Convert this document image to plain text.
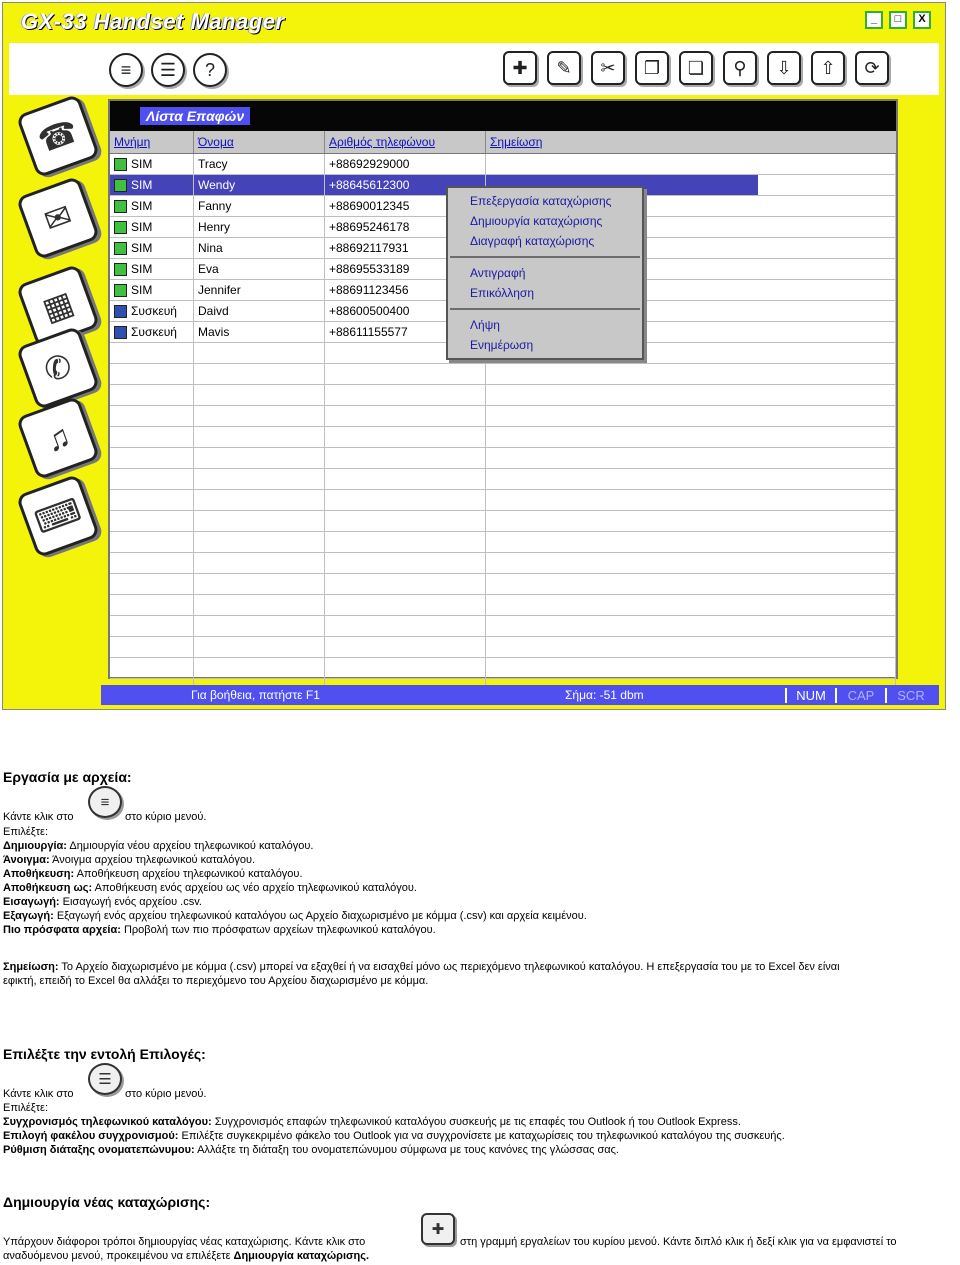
GX-33 Handset Manager	_	□	X
≡	☰	?	✚	✎	✂	❐	❏	⚲	⇩	⇧	⟳
☎
✉
▦
✆
♫
⌨
Λίστα Επαφών
Μνήμη	Όνομα	Αριθμός τηλεφώνου	Σημείωση
SIM	Tracy	+88692929000
SIM	Wendy	+88645612300
SIM	Fanny	+88690012345
SIM	Henry	+88695246178
SIM	Nina	+88692117931
SIM	Eva	+88695533189
SIM	Jennifer	+88691123456
Συσκευή	Daivd	+88600500400
Συσκευή	Mavis	+88611155577
Επεξεργασία καταχώρισης
Δημιουργία καταχώρισης
Διαγραφή καταχώρισης
Αντιγραφή
Επικόλληση
Λήψη
Ενημέρωση
Για βοήθεια, πατήστε F1	Σήμα: -51 dbm	NUM	CAP	SCR
Εργασία με αρχεία:
Κάντε κλικ στο
≡
στο κύριο μενού.
Επιλέξτε:
Δημιουργία: Δημιουργία νέου αρχείου τηλεφωνικού καταλόγου.
Άνοιγμα: Άνοιγμα αρχείου τηλεφωνικού καταλόγου.
Αποθήκευση: Αποθήκευση αρχείου τηλεφωνικού καταλόγου.
Αποθήκευση ως: Αποθήκευση ενός αρχείου ως νέο αρχείο τηλεφωνικού καταλόγου.
Εισαγωγή: Εισαγωγή ενός αρχείου .csv.
Εξαγωγή: Εξαγωγή ενός αρχείου τηλεφωνικού καταλόγου ως Αρχείο διαχωρισμένο με κόμμα (.csv) και αρχεία κειμένου.
Πιο πρόσφατα αρχεία: Προβολή των πιο πρόσφατων αρχείων τηλεφωνικού καταλόγου.
Σημείωση: Το Αρχείο διαχωρισμένο με κόμμα (.csv) μπορεί να εξαχθεί ή να εισαχθεί μόνο ως περιεχόμενο τηλεφωνικού καταλόγου. Η επεξεργασία του με το Excel δεν είναι
εφικτή, επειδή το Excel θα αλλάξει το περιεχόμενο του Αρχείου διαχωρισμένο με κόμμα.
Επιλέξτε την εντολή Επιλογές:
Κάντε κλικ στο
☰
στο κύριο μενού.
Επιλέξτε:
Συγχρονισμός τηλεφωνικού καταλόγου: Συγχρονισμός επαφών τηλεφωνικού καταλόγου συσκευής με τις επαφές του Outlook ή του Outlook Express.
Επιλογή φακέλου συγχρονισμού: Επιλέξτε συγκεκριμένο φάκελο του Outlook για να συγχρονίσετε με καταχωρίσεις του τηλεφωνικού καταλόγου της συσκευής.
Ρύθμιση διάταξης ονοματεπώνυμου: Αλλάξτε τη διάταξη του ονοματεπώνυμου σύμφωνα με τους κανόνες της γλώσσας σας.
Δημιουργία νέας καταχώρισης:
Υπάρχουν διάφοροι τρόποι δημιουργίας νέας καταχώρισης. Κάντε κλικ στο
✚
στη γραμμή εργαλείων του κυρίου μενού. Κάντε διπλό κλικ ή δεξί κλικ για να εμφανιστεί το
αναδυόμενου μενού, προκειμένου να επιλέξετε Δημιουργία καταχώρισης.
